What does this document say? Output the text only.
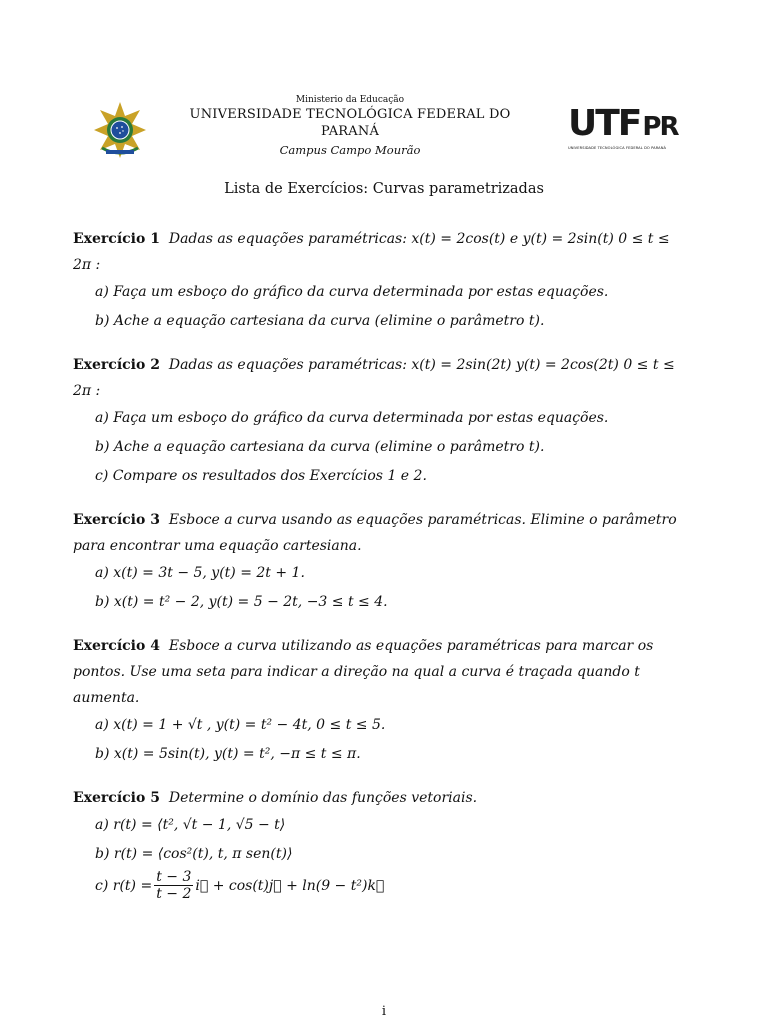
Ministerio da Educação
UNIVERSIDADE TECNOLÓGICA FEDERAL DO
PARANÁ
Campus Campo Mourão
UTFPR
UNIVERSIDADE TECNOLÓGICA FEDERAL DO PARANÁ
Lista de Exercícios: Curvas parametrizadas
Exercício 1 Dadas as equações paramétricas: x(t) = 2cos(t) e y(t) = 2sin(t) 0 ≤ t ≤ 2π :
a) Faça um esboço do gráfico da curva determinada por estas equações.
b) Ache a equação cartesiana da curva (elimine o parâmetro t).
Exercício 2 Dadas as equações paramétricas: x(t) = 2sin(2t) y(t) = 2cos(2t) 0 ≤ t ≤ 2π :
a) Faça um esboço do gráfico da curva determinada por estas equações.
b) Ache a equação cartesiana da curva (elimine o parâmetro t).
c) Compare os resultados dos Exercícios 1 e 2.
Exercício 3 Esboce a curva usando as equações paramétricas. Elimine o parâmetro para encontrar uma equação cartesiana.
a) x(t) = 3t − 5, y(t) = 2t + 1.
b) x(t) = t² − 2, y(t) = 5 − 2t, −3 ≤ t ≤ 4.
Exercício 4 Esboce a curva utilizando as equações paramétricas para marcar os pontos. Use uma seta para indicar a direção na qual a curva é traçada quando t aumenta.
a) x(t) = 1 + √t , y(t) = t² − 4t, 0 ≤ t ≤ 5.
b) x(t) = 5sin(t), y(t) = t², −π ≤ t ≤ π.
Exercício 5 Determine o domínio das funções vetoriais.
a) r(t) = ⟨t², √t − 1, √5 − t⟩
b) r(t) = ⟨cos²(t), t, π sen(t)⟩
c) $r(t) = \frac{t - 3}{t - 2}$ i⃗ + cos(t)j⃗ + ln(9 − t²)k⃗
i
